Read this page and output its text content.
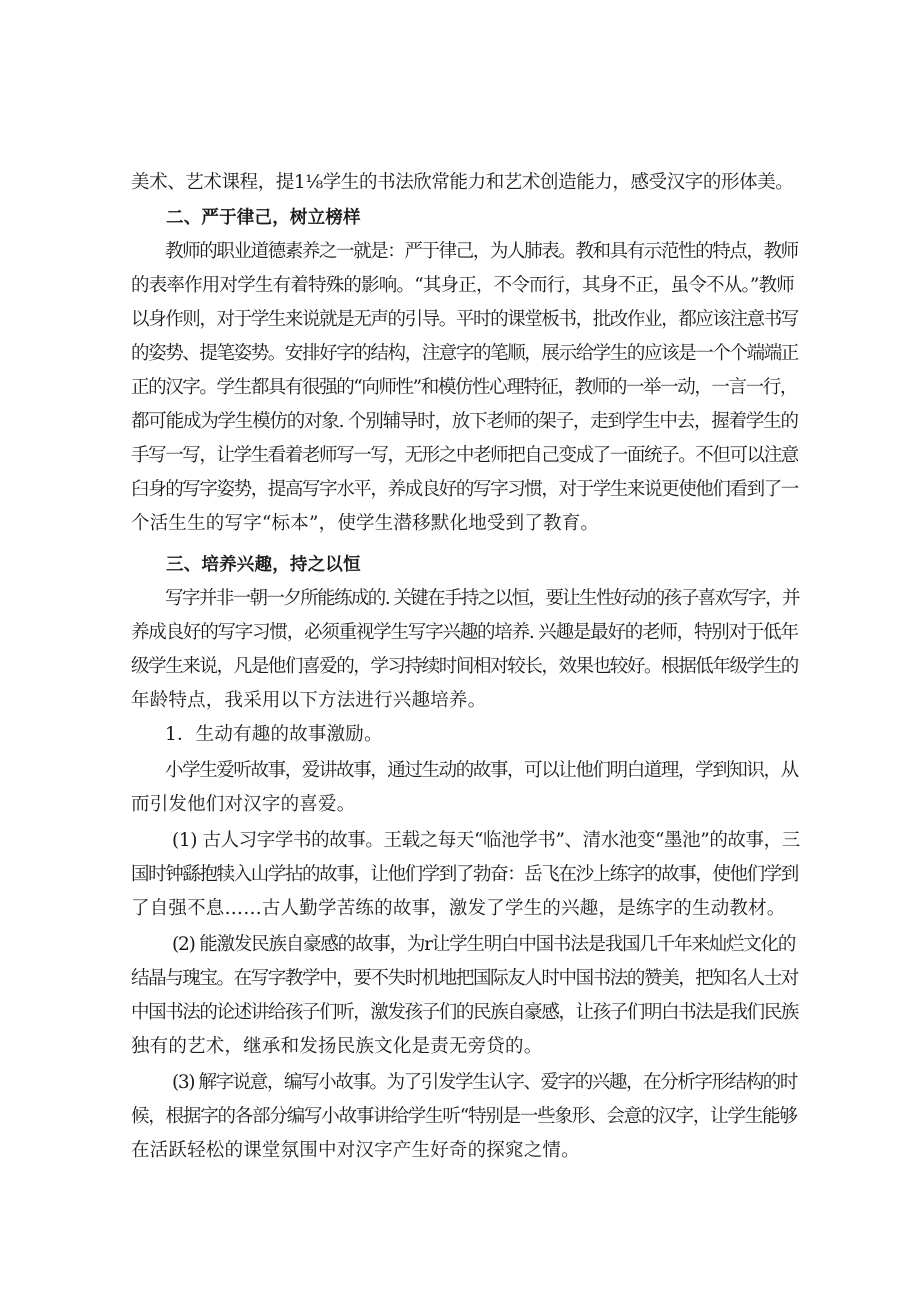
美术、艺术课程，提1⅛学生的书法欣常能力和艺术创造能力，感受汉字的形体美。
二、严于律己，树立榜样
教师的职业道德素养之一就是：严于律己，为人肺表。教和具有示范性的特点，教师
的表率作用对学生有着特殊的影响。“其身正，不令而行，其身不正，虽令不从。”教师
以身作则，对于学生来说就是无声的引导。平时的课堂板书，批改作业，都应该注意书写
的姿势、提笔姿势。安排好字的结构，注意字的笔顺，展示给学生的应该是一个个端端正
正的汉字。学生都具有很强的“向师性”和模仿性心理特征，教师的一举一动，一言一行，
都可能成为学生模仿的对象. 个别辅导时，放下老师的架子，走到学生中去，握着学生的
手写一写，让学生看着老师写一写，无形之中老师把自己变成了一面统子。不但可以注意
臼身的写字姿势，提高写字水平，养成良好的写字习惯，对于学生来说更使他们看到了一
个活生生的写字“标本”，使学生潜移默化地受到了教育。
三、培养兴趣，持之以恒
写字并非一朝一夕所能练成的. 关键在手持之以恒，要让生性好动的孩子喜欢写字，并
养成良好的写字习惯，必须重视学生写字兴趣的培养. 兴趣是最好的老师，特别对于低年
级学生来说，凡是他们喜爱的，学习持续时间相对较长，效果也较好。根据低年级学生的
年龄特点，我采用以下方法进行兴趣培养。
1．生动有趣的故事激励。
小学生爱听故事，爱讲故事，通过生动的故事，可以让他们明白道理，学到知识，从
而引发他们对汉字的喜爱。
(1) 古人习字学书的故事。王载之每天“临池学书”、清水池变“墨池”的故事，三
国时钟繇抱犊入山学拈的故事，让他们学到了勃奋：岳飞在沙上练字的故事，使他们学到
了自强不息……古人勤学苦练的故事，激发了学生的兴趣，是练字的生动教材。
(2) 能激发民族自豪感的故事，为r让学生明白中国书法是我国几千年来灿烂文化的
结晶与瑰宝。在写字教学中，要不失时机地把国际友人时中国书法的赞美，把知名人士对
中国书法的论述讲给孩子们听，激发孩子们的民族自豪感，让孩子们明白书法是我们民族
独有的艺术，继承和发扬民族文化是责无旁贷的。
(3) 解字说意，编写小故事。为了引发学生认字、爱字的兴趣，在分析字形结构的时
候，根据字的各部分编写小故事讲给学生听“特别是一些象形、会意的汉字，让学生能够
在活跃轻松的课堂氛围中对汉字产生好奇的探窕之情。
